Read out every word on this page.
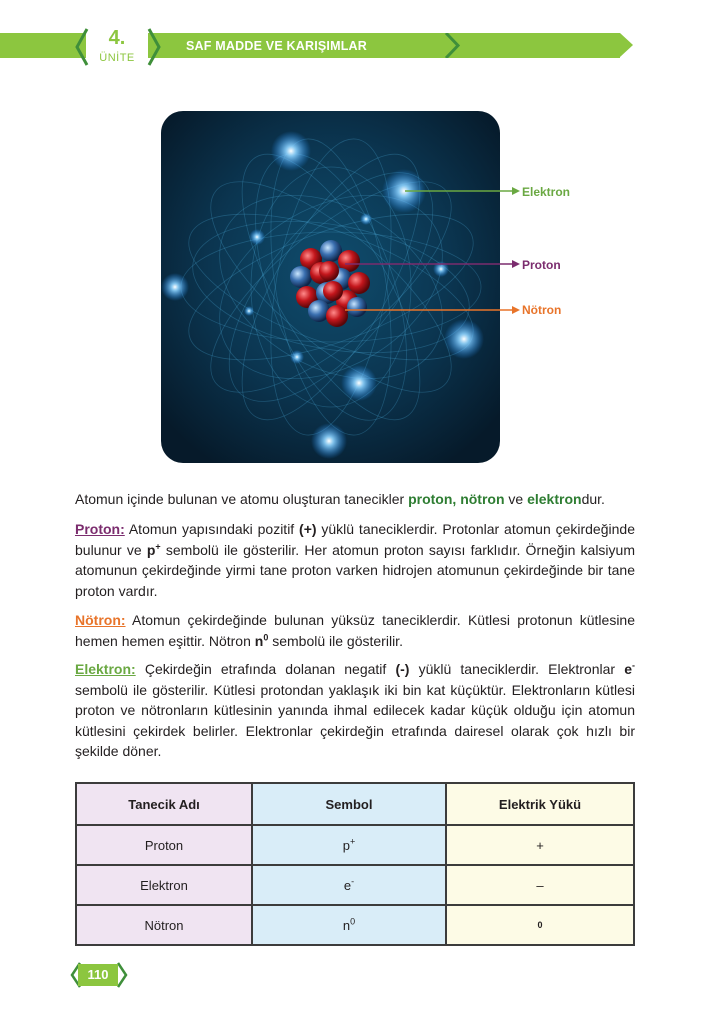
4.
ÜNİTE
SAF MADDE VE KARIŞIMLAR
Elektron
Proton
Nötron
Atomun içinde bulunan ve atomu oluşturan tanecikler proton, nötron ve elektrondur.
Proton: Atomun yapısındaki pozitif (+) yüklü taneciklerdir. Protonlar atomun çekirdeğinde bulunur ve p+ sembolü ile gösterilir. Her atomun proton sayısı farklıdır. Örneğin kalsiyum atomunun çekirdeğinde yirmi tane proton varken hidrojen atomunun çekirdeğinde bir tane proton vardır.
Nötron: Atomun çekirdeğinde bulunan yüksüz taneciklerdir. Kütlesi protonun kütlesine hemen hemen eşittir. Nötron $n^0$ sembolü ile gösterilir.
Elektron: Çekirdeğin etrafında dolanan negatif (-) yüklü taneciklerdir. Elektronlar e- sembolü ile gösterilir. Kütlesi protondan yaklaşık iki bin kat küçüktür. Elektronların kütlesi proton ve nötronların kütlesinin yanında ihmal edilecek kadar küçük olduğu için atomun kütlesini çekirdek belirler. Elektronlar çekirdeğin etrafında dairesel olarak çok hızlı bir şekilde döner.
Tanecik Adı	Sembol	Elektrik Yükü
Proton	p+	+
Elektron	e-	–
Nötron	$n^0$	0
110
